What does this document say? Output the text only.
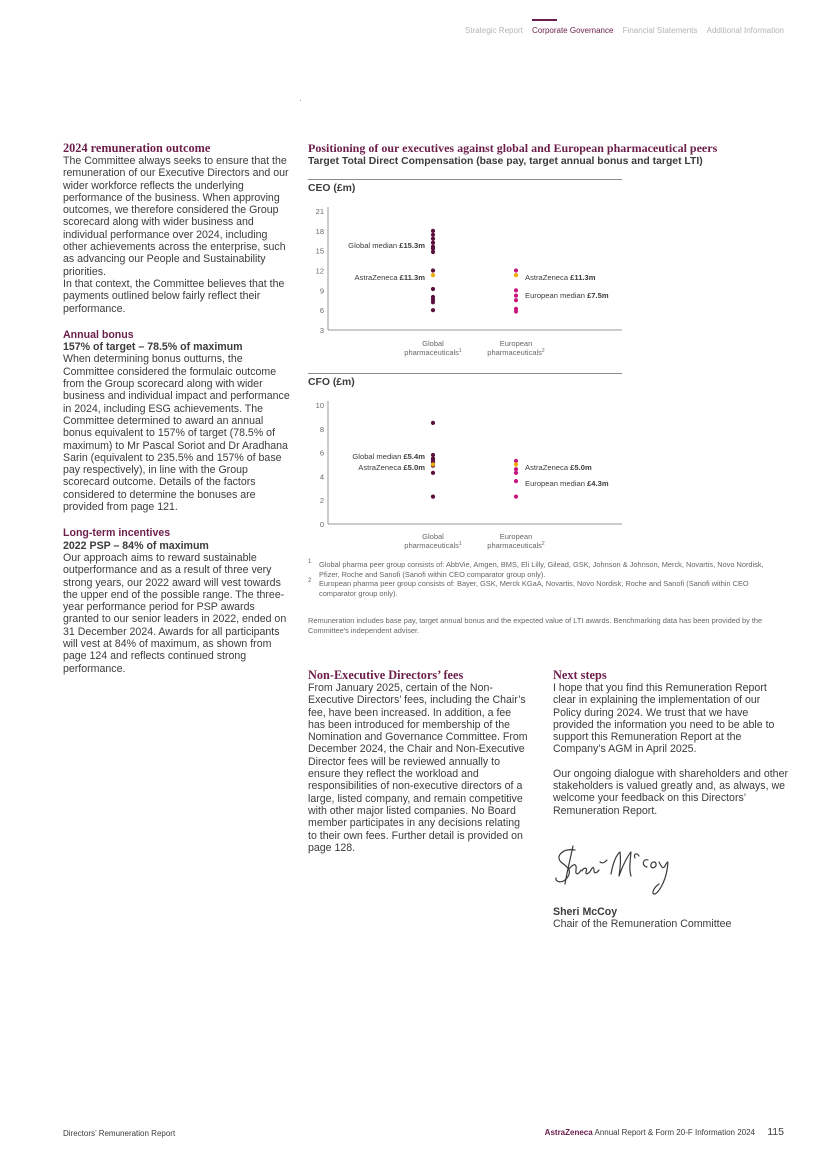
Strategic Report Corporate Governance Financial Statements Additional Information

2024 remuneration outcome

The Committee always seeks to ensure that the remuneration of our Executive Directors and our wider workforce reflects the underlying performance of the business. When approving outcomes, we therefore considered the Group scorecard along with wider business and individual performance over 2024, including other achievements across the enterprise, such as advancing our People and Sustainability priorities.

In that context, the Committee believes that the payments outlined below fairly reflect their performance.

Annual bonus

157% of target – 78.5% of maximum

When determining bonus outturns, the Committee considered the formulaic outcome from the Group scorecard along with wider business and individual impact and performance in 2024, including ESG achievements. The Committee determined to award an annual bonus equivalent to 157% of target (78.5% of maximum) to Mr Pascal Soriot and Dr Aradhana Sarin (equivalent to 235.5% and 157% of base pay respectively), in line with the Group scorecard outcome. Details of the factors considered to determine the bonuses are provided from page 121.

Long-term incentives

2022 PSP – 84% of maximum

Our approach aims to reward sustainable outperformance and as a result of three very strong years, our 2022 award will vest towards the upper end of the possible range. The three-year performance period for PSP awards granted to our senior leaders in 2022, ended on 31 December 2024. Awards for all participants will vest at 84% of maximum, as shown from page 124 and reflects continued strong performance.

Positioning of our executives against global and European pharmaceutical peers
Target Total Direct Compensation (base pay, target annual bonus and target LTI)
CEO (£m)
3
6
9
12
15
18
21
Global
pharmaceuticals$^1$
European
pharmaceuticals$^2$
Global median £15.3m
AstraZeneca £11.3m	AstraZeneca £11.3m
European median £7.5m
CFO (£m)
0
2
4
6
8
10
Global
pharmaceuticals$^1$
European
pharmaceuticals$^2$
Global median £5.4m
AstraZeneca £5.0m	AstraZeneca £5.0m
European median £4.3m

1 Global pharma peer group consists of: AbbVie, Amgen, BMS, Eli Lilly, Gilead, GSK, Johnson & Johnson, Merck, Novartis, Novo Nordisk, Pfizer, Roche and Sanofi (Sanofi within CEO comparator group only).

2 European pharma peer group consists of: Bayer, GSK, Merck KGaA, Novartis, Novo Nordisk, Roche and Sanofi (Sanofi within CEO comparator group only).

Remuneration includes base pay, target annual bonus and the expected value of LTI awards. Benchmarking data has been provided by the Committee's independent adviser.

Non-Executive Directors’ fees

From January 2025, certain of the Non-Executive Directors’ fees, including the Chair’s fee, have been increased. In addition, a fee has been introduced for membership of the Nomination and Governance Committee. From December 2024, the Chair and Non-Executive Director fees will be reviewed annually to ensure they reflect the workload and responsibilities of non-executive directors of a large, listed company, and remain competitive with other major listed companies. No Board member participates in any decisions relating to their own fees. Further detail is provided on page 128.

Next steps

I hope that you find this Remuneration Report clear in explaining the implementation of our Policy during 2024. We trust that we have provided the information you need to be able to support this Remuneration Report at the Company’s AGM in April 2025.

Our ongoing dialogue with shareholders and other stakeholders is valued greatly and, as always, we welcome your feedback on this Directors’ Remuneration Report.

Sheri McCoy
Chair of the Remuneration Committee
Directors’ Remuneration Report	AstraZeneca Annual Report & Form 20-F Information 2024 115
